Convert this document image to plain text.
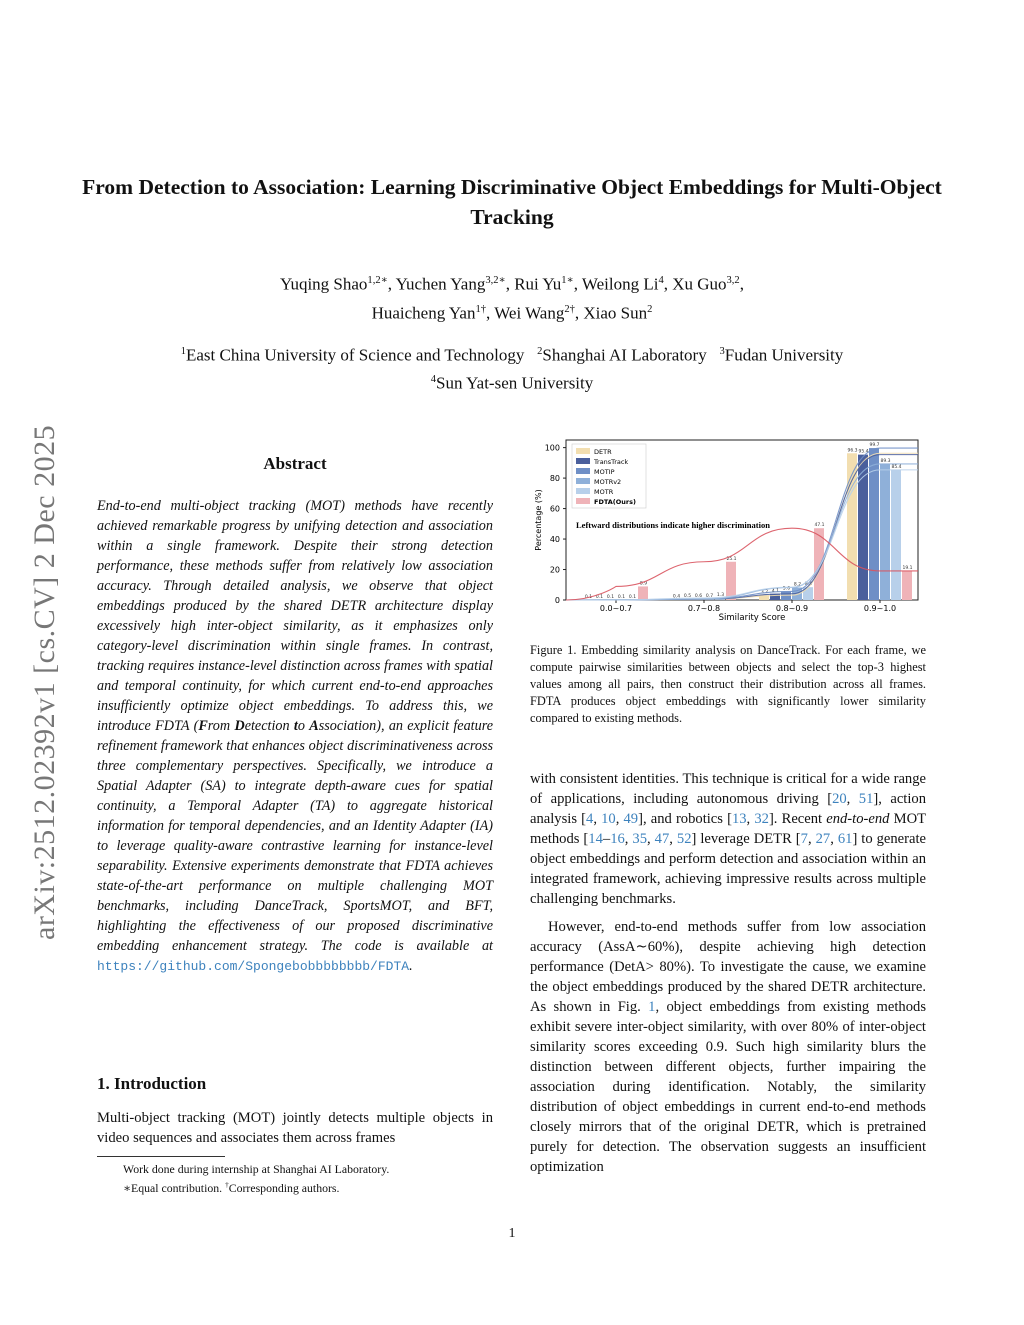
arXiv:2512.02392v1 [cs.CV] 2 Dec 2025
From Detection to Association: Learning Discriminative Object Embeddings for Multi-Object Tracking
Yuqing Shao$^{1,2∗}$, Yuchen Yang$^{3,2∗}$, Rui $Yu^{1∗}$, Weilong Li$^4$, Xu Guo$^{3,2}$,
Huaicheng Yan$^{1\dagger}$, Wei Wang$^{2\dagger}$, Xiao Sun$^2$
$^1$East China University of Science and Technology $^2$Shanghai AI Laboratory $^3$Fudan University
$^4$Sun Yat-sen University
Abstract
End-to-end multi-object tracking (MOT) methods have recently achieved remarkable progress by unifying detection and association within a single framework. Despite their strong detection performance, these methods suffer from relatively low association accuracy. Through detailed analysis, we observe that object embeddings produced by the shared DETR architecture display excessively high inter-object similarity, as it emphasizes only category-level discrimination within single frames. In contrast, tracking requires instance-level distinction across frames with spatial and temporal continuity, for which current end-to-end approaches insufficiently optimize object embeddings. To address this, we introduce FDTA (From Detection to Association), an explicit feature refinement framework that enhances object discriminativeness across three complementary perspectives. Specifically, we introduce a Spatial Adapter (SA) to integrate depth-aware cues for spatial continuity, a Temporal Adapter (TA) to aggregate historical information for temporal dependencies, and an Identity Adapter (IA) to leverage quality-aware contrastive learning for instance-level separability. Extensive experiments demonstrate that FDTA achieves state-of-the-art performance on multiple challenging MOT benchmarks, including DanceTrack, SportsMOT, and BFT, highlighting the effectiveness of our proposed discriminative embedding enhancement strategy. The code is available at https://github.com/Spongebobbbbbbbb/FDTA.
1. Introduction
Multi-object tracking (MOT) jointly detects multiple objects in video sequences and associates them across frames

Work done during internship at Shanghai AI Laboratory.

∗Equal contribution. †Corresponding authors.

0
20
40
60
80
100
Percentage (%)
Similarity Score
0.0~0.7
0.1 0.1 0.1 0.1 0.1
8.9
0.7~0.8
0.4 0.5 0.6 0.7 1.3
25.1
0.8~0.9
3.2 4.1 5.6
8.2 8.4
47.1
0.9~1.0
96.3 95.4
99.7
89.3
85.4
19.1
DETR
TransTrack
MOTIP
MOTRv2
MOTR
FDTA(Ours)
Leftward distributions indicate higher discrimination
Figure 1. Embedding similarity analysis on DanceTrack. For each frame, we compute pairwise similarities between objects and select the top-3 highest values among all pairs, then construct their distribution across all frames. FDTA produces object embeddings with significantly lower similarity compared to existing methods.

with consistent identities. This technique is critical for a wide range of applications, including autonomous driving [20, 51], action analysis [4, 10, 49], and robotics [13, 32]. Recent end-to-end MOT methods [14–16, 35, 47, 52] leverage DETR [7, 27, 61] to generate object embeddings and perform detection and association within an integrated framework, achieving impressive results across multiple challenging benchmarks.

However, end-to-end methods suffer from low association accuracy (AssA∼60%), despite achieving high detection performance (DetA> 80%). To investigate the cause, we examine the object embeddings produced by the shared DETR architecture. As shown in Fig. 1, object embeddings from existing methods exhibit severe inter-object similarity, with over 80% of inter-object similarity scores exceeding 0.9. Such high similarity blurs the distinction between different objects, further impairing the association during identification. Notably, the similarity distribution of object embeddings in current end-to-end methods closely mirrors that of the original DETR, which is pretrained purely for detection. The observation suggests an insufficient optimization

1
